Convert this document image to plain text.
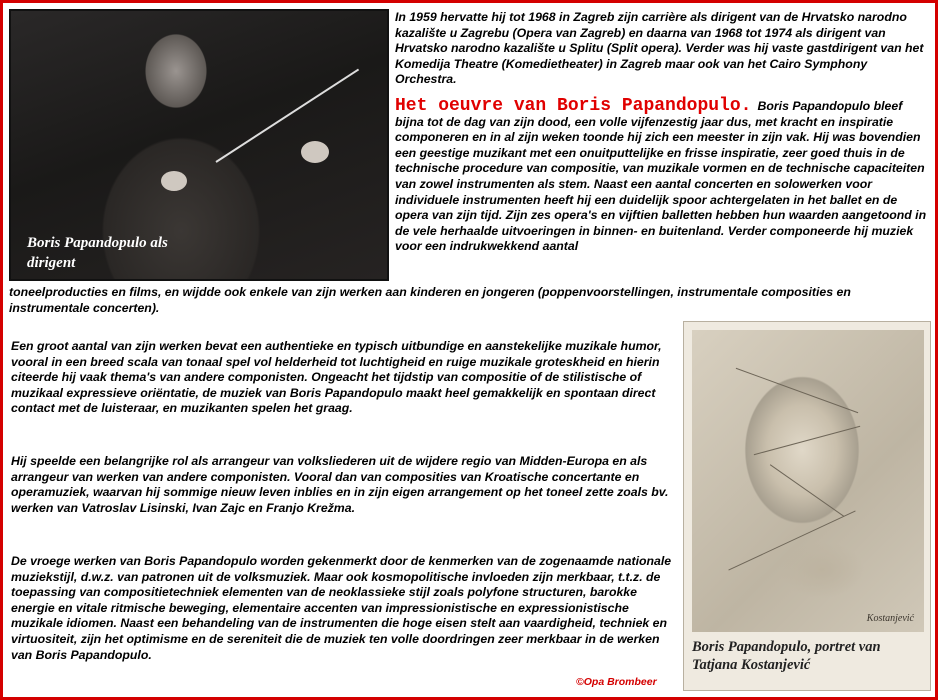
Boris Papandopulo als dirigent
In 1959 hervatte hij tot 1968 in Zagreb zijn carrière als dirigent van de Hrvatsko narodno kazalište u Zagrebu (Opera van Zagreb) en daarna van 1968 tot 1974 als dirigent van Hrvatsko narodno kazalište u Splitu (Split opera). Verder was hij vaste gastdirigent van het Komedija Theatre (Komedietheater) in Zagreb maar ook van het Cairo Symphony Orchestra.
Het oeuvre van Boris Papandopulo. Boris Papandopulo bleef bijna tot de dag van zijn dood, een volle vijfenzestig jaar dus, met kracht en inspiratie componeren en in al zijn weken toonde hij zich een meester in zijn vak. Hij was bovendien een geestige muzikant met een onuitputtelijke en frisse inspiratie, zeer goed thuis in de technische procedure van compositie, van muzikale vormen en de technische capaciteiten van zowel instrumenten als stem. Naast een aantal concerten en solowerken voor individuele instrumenten heeft hij een duidelijk spoor achtergelaten in het ballet en de opera van zijn tijd. Zijn zes opera's en vijftien balletten hebben hun waarden aangetoond in de vele herhaalde uitvoeringen in binnen- en buitenland. Verder componeerde hij muziek voor een indrukwekkend aantal
toneelproducties en films, en wijdde ook enkele van zijn werken aan kinderen en jongeren (poppenvoorstellingen, instrumentale composities en instrumentale concerten).
Een groot aantal van zijn werken bevat een authentieke en typisch uitbundige en aanstekelijke muzikale humor, vooral in een breed scala van tonaal spel vol helderheid tot luchtigheid en ruige muzikale groteskheid en hierin citeerde hij vaak thema's van andere componisten. Ongeacht het tijdstip van compositie of de stilistische of muzikaal expressieve oriëntatie, de muziek van Boris Papandopulo maakt heel gemakkelijk en spontaan direct contact met de luisteraar, en muzikanten spelen het graag.
Hij speelde een belangrijke rol als arrangeur van volksliederen uit de wijdere regio van Midden-Europa en als arrangeur van werken van andere componisten. Vooral dan van composities van Kroatische concertante en operamuziek, waarvan hij sommige nieuw leven inblies en in zijn eigen arrangement op het toneel zette zoals bv. werken van Vatroslav Lisinski, Ivan Zajc en Franjo Krežma.
De vroege werken van Boris Papandopulo worden gekenmerkt door de kenmerken van de zogenaamde nationale muziekstijl, d.w.z. van patronen uit de volksmuziek. Maar ook kosmopolitische invloeden zijn merkbaar, t.t.z. de toepassing van compositietechniek elementen van de neoklassieke stijl zoals polyfone structuren, barokke energie en vitale ritmische beweging, elementaire accenten van impressionistische en expressionistische muzikale idiomen. Naast een behandeling van de instrumenten die hoge eisen stelt aan vaardigheid, techniek en virtuositeit, zijn het optimisme en de sereniteit die de muziek ten volle doordringen zeer merkbaar in de werken van Boris Papandopulo.
Kostanjević
Boris Papandopulo, portret van Tatjana Kostanjević
©Opa Brombeer
